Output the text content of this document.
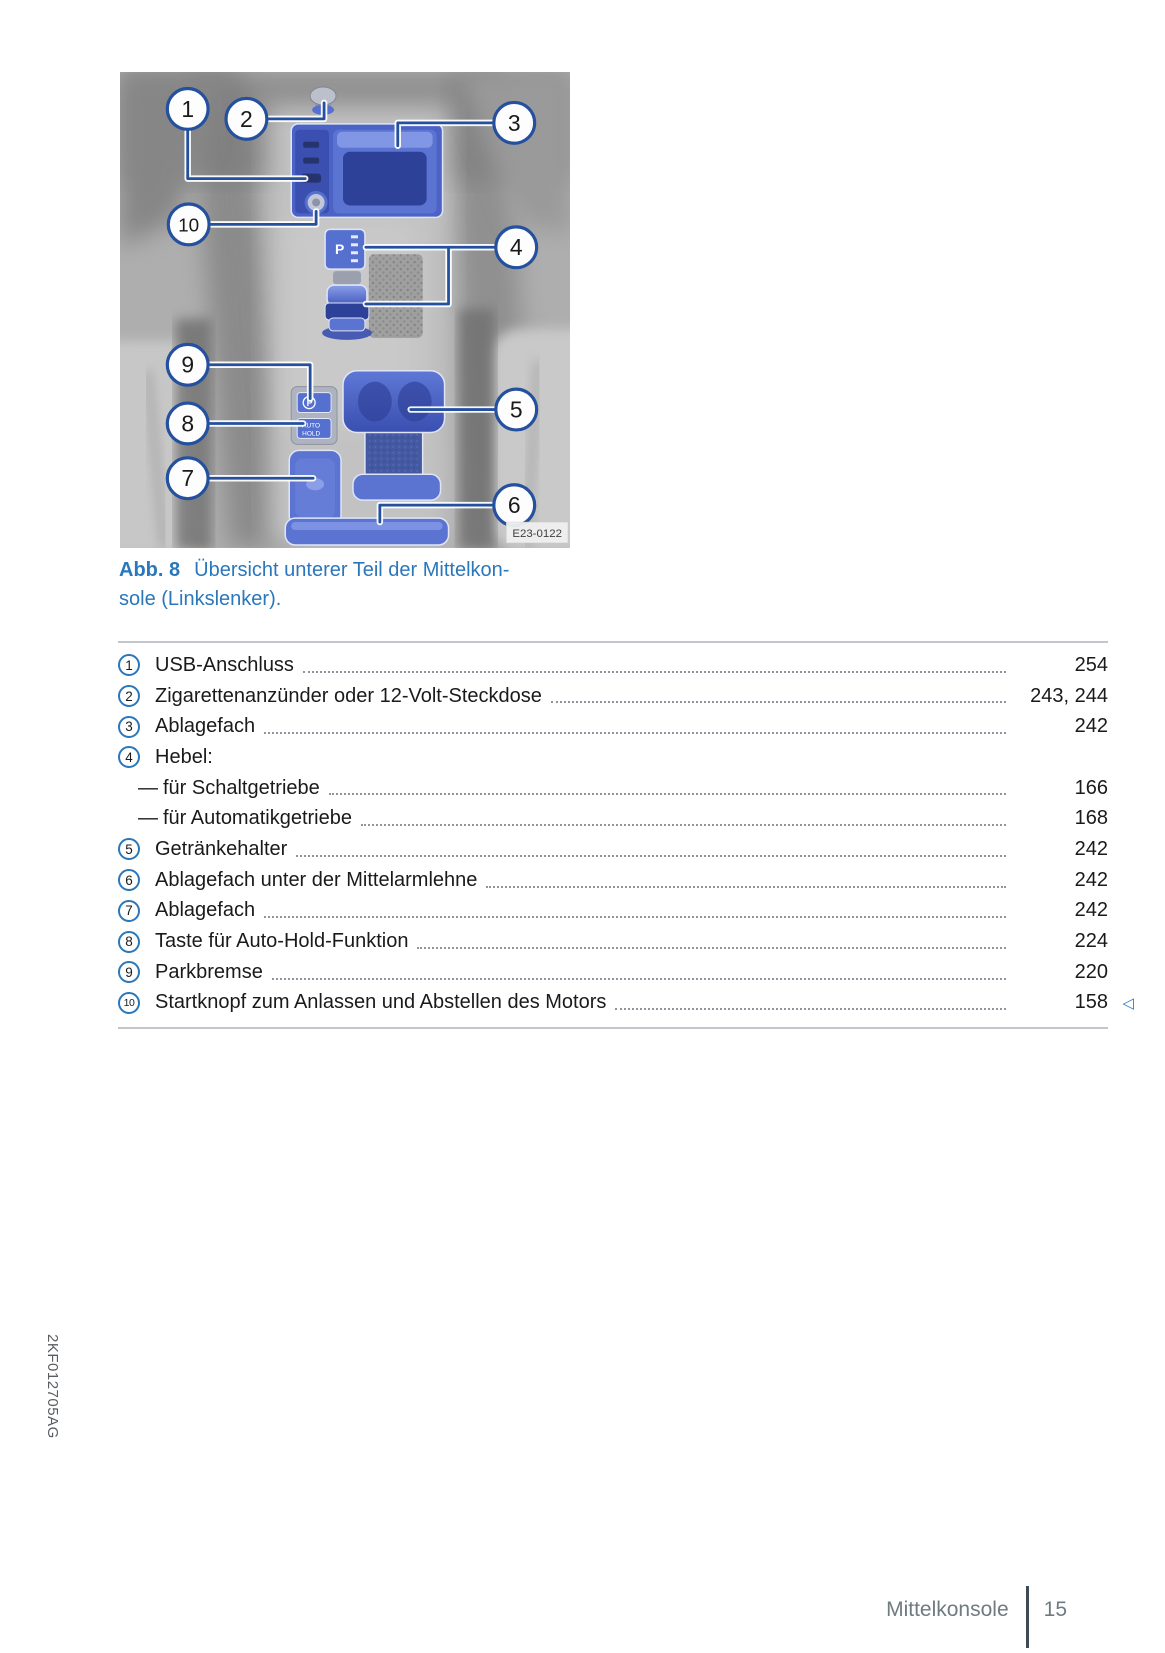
P
P
AUTO
HOLD
1 2	3
10
4
9
8
5
7
6
E23-0122
Abb. 8 Übersicht unterer Teil der Mittelkon-
sole (Linkslenker).
1	USB-Anschluss	254
2	Zigarettenanzünder oder 12-Volt-Steckdose	243, 244
3	Ablagefach	242
4	Hebel:
— für Schaltgetriebe	166
— für Automatikgetriebe	168
5	Getränkehalter	242
6	Ablagefach unter der Mittelarmlehne	242
7	Ablagefach	242
8	Taste für Auto-Hold-Funktion	224
9	Parkbremse	220
10 Startknopf zum Anlassen und Abstellen des Motors	158 ◁
2KF012705AG
Mittelkonsole 15
